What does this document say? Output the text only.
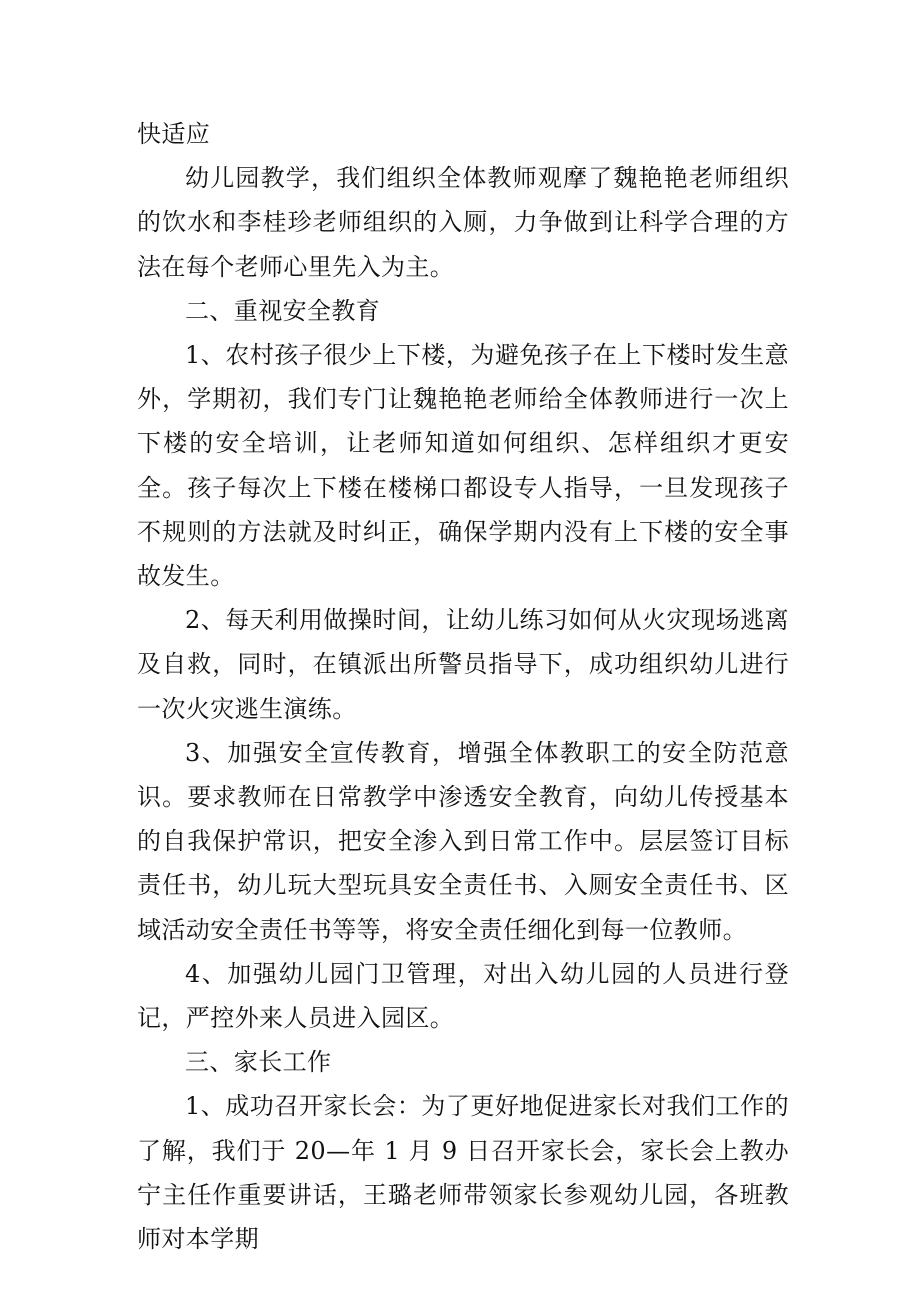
快适应

幼儿园教学，我们组织全体教师观摩了魏艳艳老师组织的饮水和李桂珍老师组织的入厕，力争做到让科学合理的方法在每个老师心里先入为主。

二、重视安全教育

1、农村孩子很少上下楼，为避免孩子在上下楼时发生意外，学期初，我们专门让魏艳艳老师给全体教师进行一次上下楼的安全培训，让老师知道如何组织、怎样组织才更安全。孩子每次上下楼在楼梯口都设专人指导，一旦发现孩子不规则的方法就及时纠正，确保学期内没有上下楼的安全事故发生。

2、每天利用做操时间，让幼儿练习如何从火灾现场逃离及自救，同时，在镇派出所警员指导下，成功组织幼儿进行一次火灾逃生演练。

3、加强安全宣传教育，增强全体教职工的安全防范意识。要求教师在日常教学中渗透安全教育，向幼儿传授基本的自我保护常识，把安全渗入到日常工作中。层层签订目标责任书，幼儿玩大型玩具安全责任书、入厕安全责任书、区域活动安全责任书等等，将安全责任细化到每一位教师。

4、加强幼儿园门卫管理，对出入幼儿园的人员进行登记，严控外来人员进入园区。

三、家长工作

1、成功召开家长会：为了更好地促进家长对我们工作的了解，我们于 20—年 1 月 9 日召开家长会，家长会上教办宁主任作重要讲话，王璐老师带领家长参观幼儿园，各班教师对本学期
